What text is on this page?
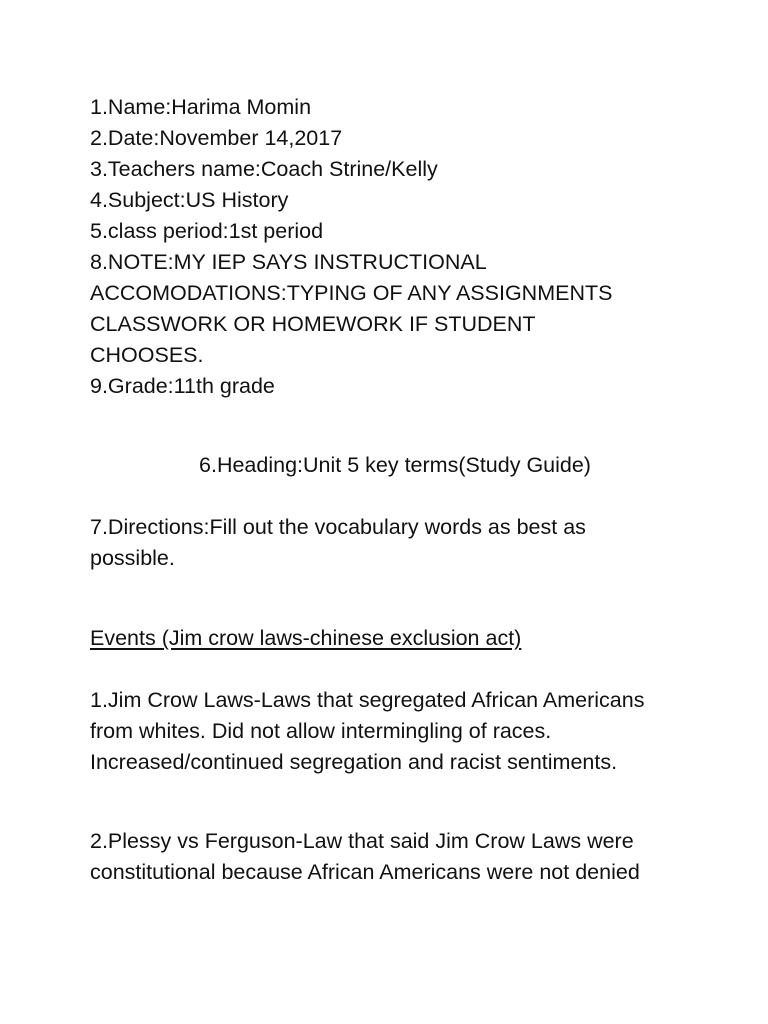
1.Name:Harima Momin

2.Date:November 14,2017

3.Teachers name:Coach Strine/Kelly

4.Subject:US History

5.class period:1st period

8.NOTE:MY IEP SAYS INSTRUCTIONAL

ACCOMODATIONS:TYPING OF ANY ASSIGNMENTS

CLASSWORK OR HOMEWORK IF STUDENT

CHOOSES.

9.Grade:11th grade

6.Heading:Unit 5 key terms(Study Guide)

7.Directions:Fill out the vocabulary words as best as

possible.

Events (Jim crow laws-chinese exclusion act)

1.Jim Crow Laws-Laws that segregated African Americans

from whites. Did not allow intermingling of races.

Increased/continued segregation and racist sentiments.

2.Plessy vs Ferguson-Law that said Jim Crow Laws were

constitutional because African Americans were not denied
